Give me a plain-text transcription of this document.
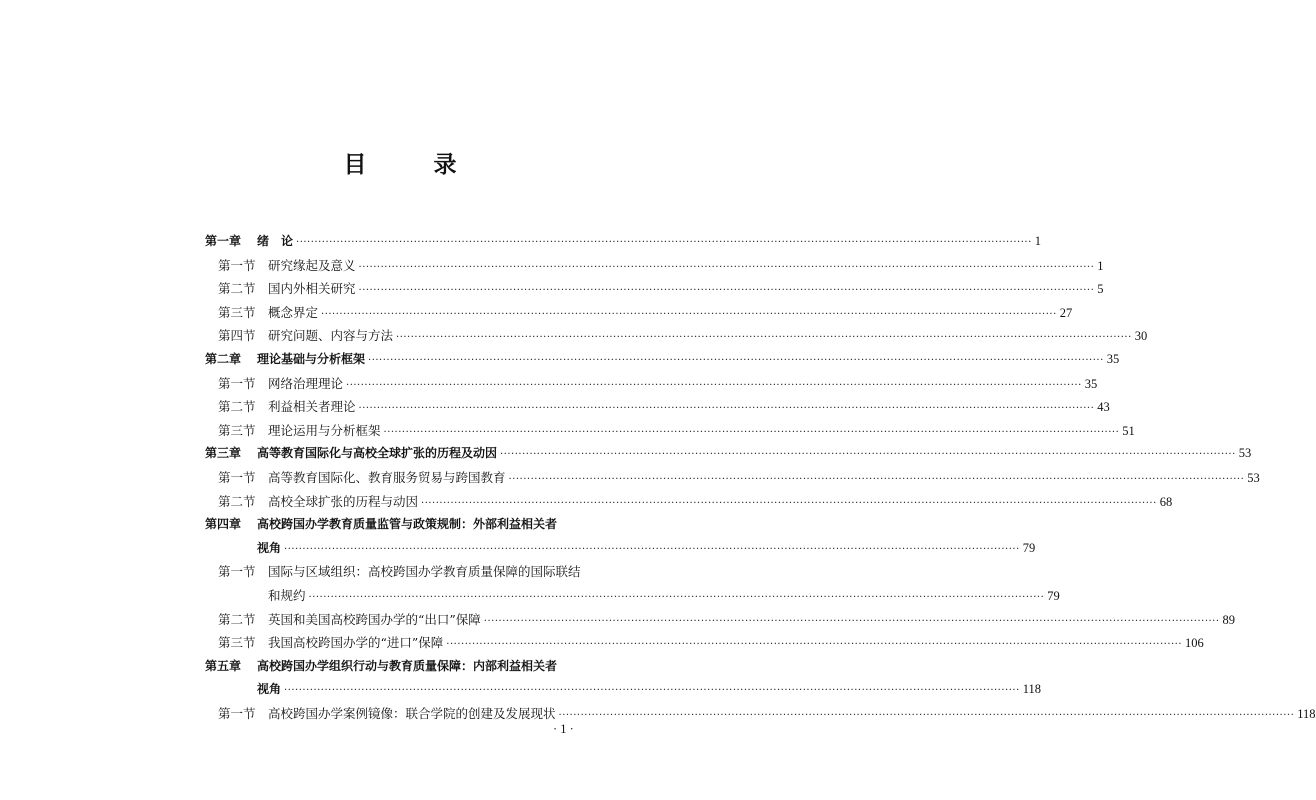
目　录
第一章	绪　论 ········································································································································································································ 1
第一节 研究缘起及意义 ········································································································································································································ 1
第二节 国内外相关研究 ········································································································································································································ 5
第三节 概念界定 ········································································································································································································ 27
第四节 研究问题、内容与方法 ········································································································································································································ 30
第二章	理论基础与分析框架 ········································································································································································································ 35
第一节 网络治理理论 ········································································································································································································ 35
第二节 利益相关者理论 ········································································································································································································ 43
第三节 理论运用与分析框架 ········································································································································································································ 51
第三章	高等教育国际化与高校全球扩张的历程及动因 ········································································································································································································ 53
第一节 高等教育国际化、教育服务贸易与跨国教育 ········································································································································································································ 53
第二节 高校全球扩张的历程与动因 ········································································································································································································ 68
第四章	高校跨国办学教育质量监管与政策规制：外部利益相关者
视角 ········································································································································································································ 79
第一节 国际与区域组织：高校跨国办学教育质量保障的国际联结
和规约 ········································································································································································································ 79
第二节 英国和美国高校跨国办学的“出口”保障 ········································································································································································································ 89
第三节 我国高校跨国办学的“进口”保障 ········································································································································································································ 106
第五章	高校跨国办学组织行动与教育质量保障：内部利益相关者
视角 ········································································································································································································ 118
第一节 高校跨国办学案例镜像：联合学院的创建及发展现状 ········································································································································································································ 118
· 1 ·
